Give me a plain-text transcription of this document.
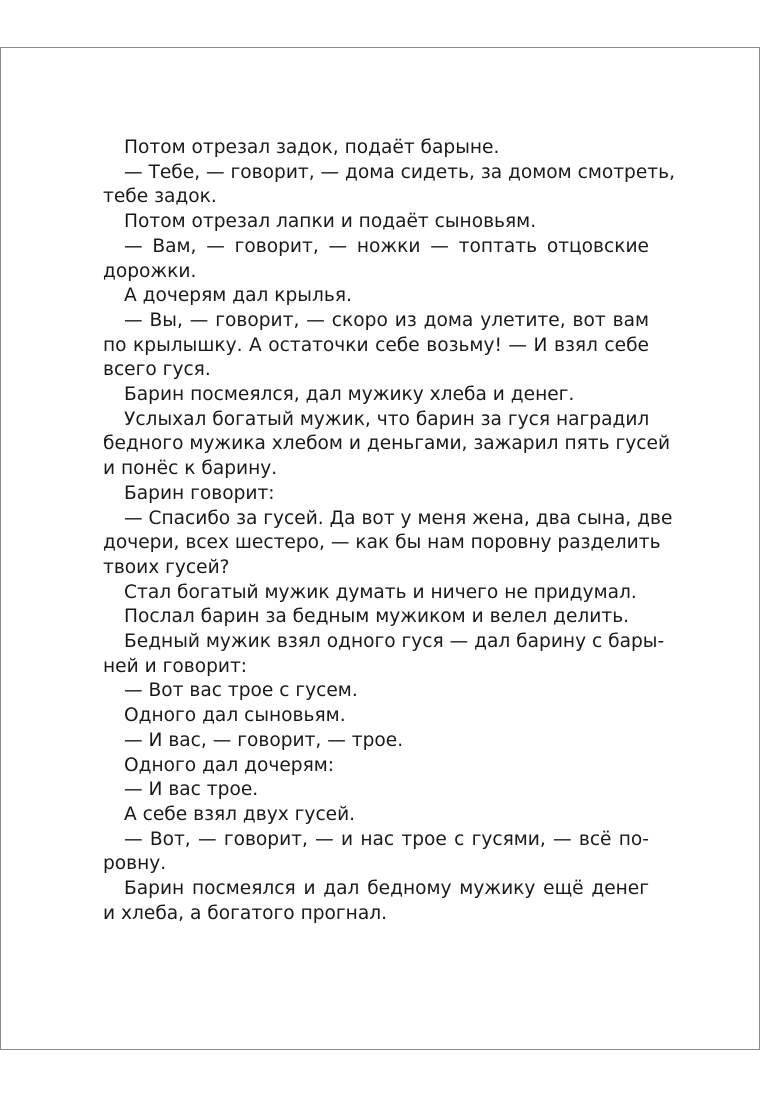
Потом отрезал задок, подаёт барыне.
— Тебе, — говорит, — дома сидеть, за домом смотреть,
тебе задок.
Потом отрезал лапки и подаёт сыновьям.
— Вам, — говорит, — ножки — топтать отцовские
дорожки.
А дочерям дал крылья.
— Вы, — говорит, — скоро из дома улетите, вот вам
по крылышку. А остаточки себе возьму! — И взял себе
всего гуся.
Барин посмеялся, дал мужику хлеба и денег.
Услыхал богатый мужик, что барин за гуся наградил
бедного мужика хлебом и деньгами, зажарил пять гусей
и понёс к барину.
Барин говорит:
— Спасибо за гусей. Да вот у меня жена, два сына, две
дочери, всех шестеро, — как бы нам поровну разделить
твоих гусей?
Стал богатый мужик думать и ничего не придумал.
Послал барин за бедным мужиком и велел делить.
Бедный мужик взял одного гуся — дал барину с бары-
ней и говорит:
— Вот вас трое с гусем.
Одного дал сыновьям.
— И вас, — говорит, — трое.
Одного дал дочерям:
— И вас трое.
А себе взял двух гусей.
— Вот, — говорит, — и нас трое с гусями, — всё по-
ровну.
Барин посмеялся и дал бедному мужику ещё денег
и хлеба, а богатого прогнал.
